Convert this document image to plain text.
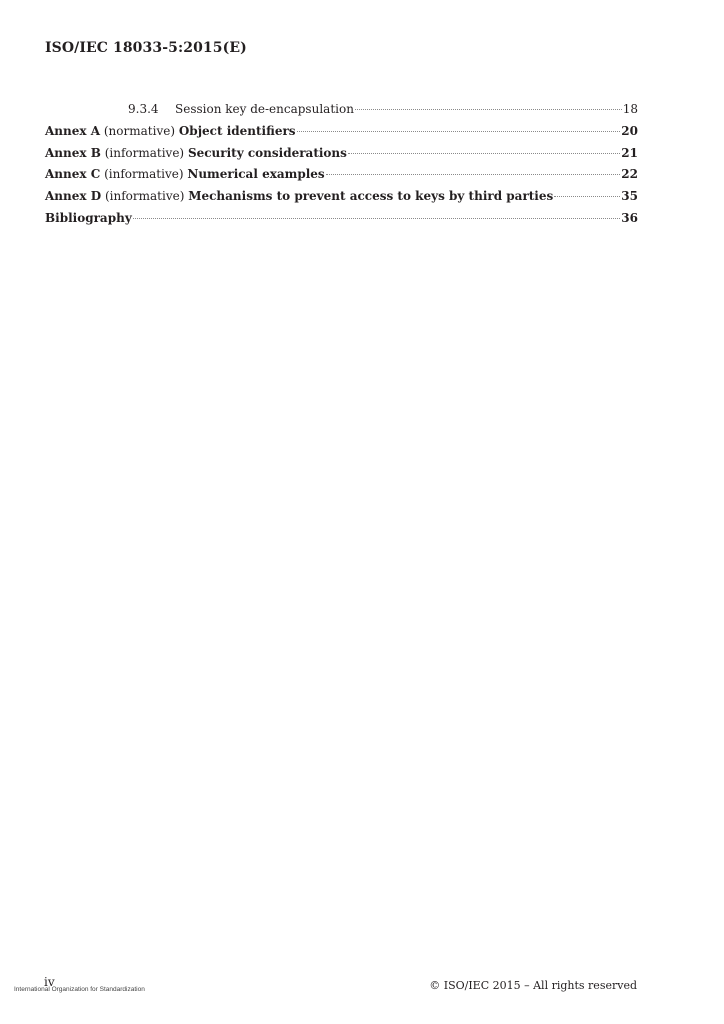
ISO/IEC 18033-5:2015(E)
9.3.4	Session key de-encapsulation	18
Annex A (normative) Object identifiers	20
Annex B (informative) Security considerations	21
Annex C (informative) Numerical examples	22
Annex D (informative) Mechanisms to prevent access to keys by third parties	35
Bibliography	36
iv
International Organization for Standardization	© ISO/IEC 2015 – All rights reserved
